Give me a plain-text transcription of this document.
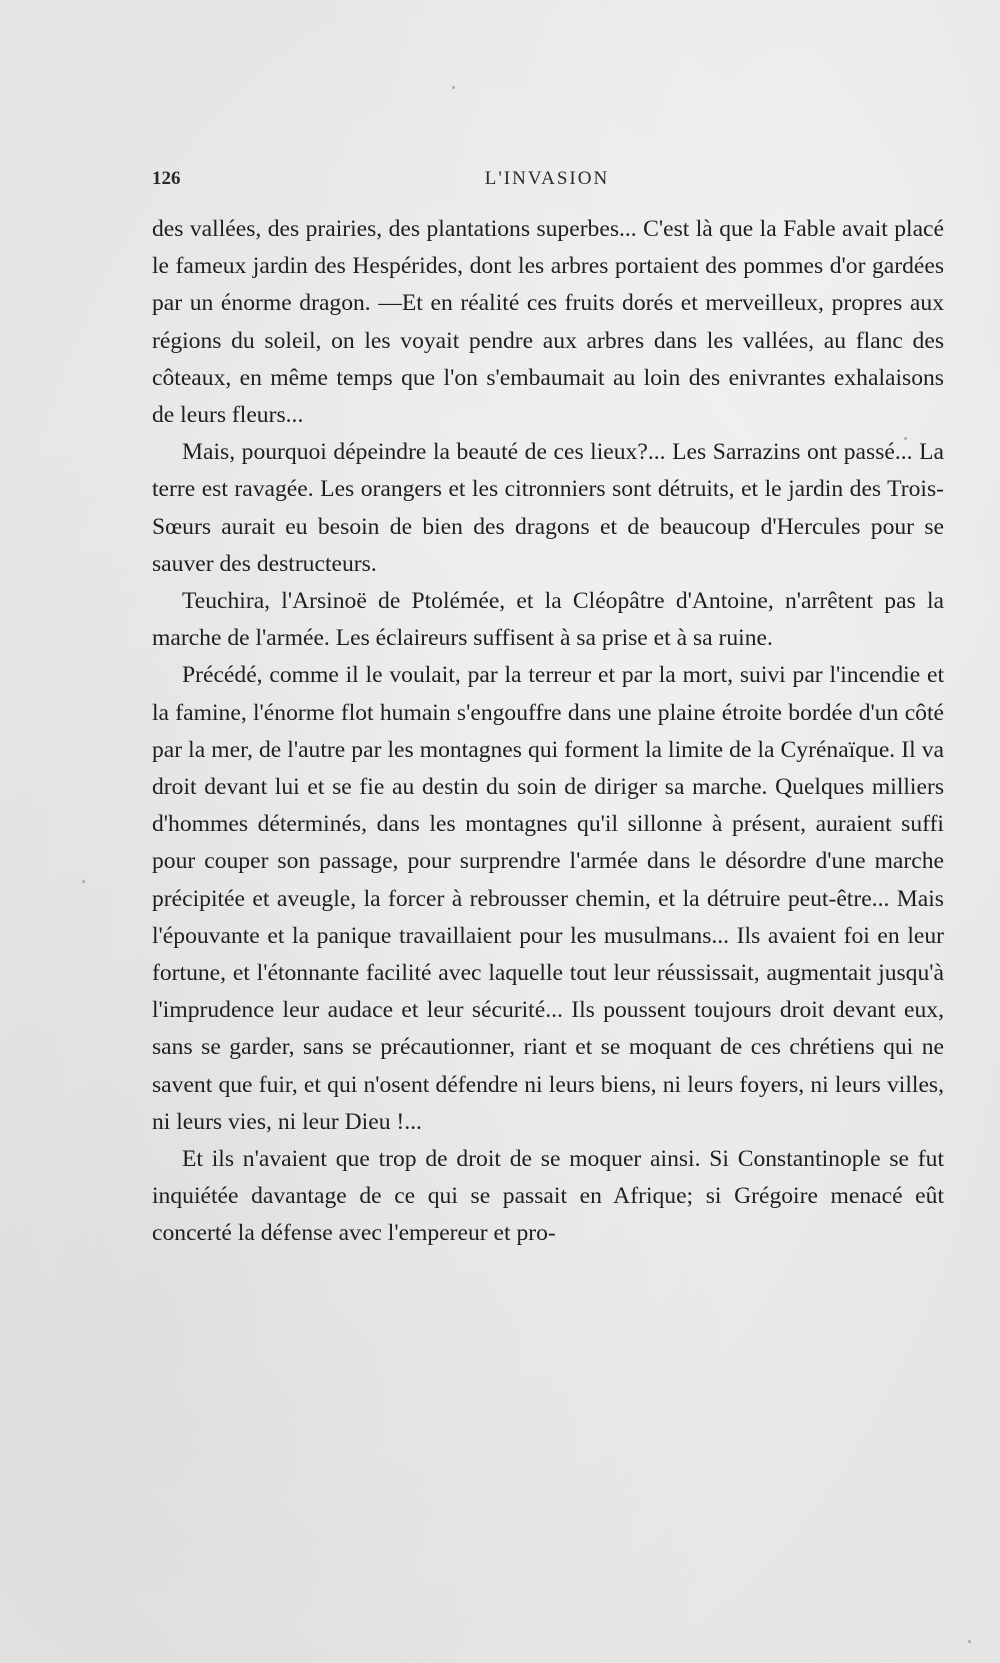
126	L'INVASION

des vallées, des prairies, des plantations superbes... C'est là que la Fable avait placé le fameux jardin des Hespérides, dont les arbres portaient des pommes d'or gardées par un énorme dragon. —Et en réalité ces fruits dorés et merveilleux, propres aux régions du soleil, on les voyait pendre aux arbres dans les vallées, au flanc des côteaux, en même temps que l'on s'embaumait au loin des enivrantes exhalaisons de leurs fleurs...

Mais, pourquoi dépeindre la beauté de ces lieux?... Les Sarrazins ont passé... La terre est ravagée. Les orangers et les citronniers sont détruits, et le jardin des Trois-Sœurs aurait eu besoin de bien des dragons et de beaucoup d'Hercules pour se sauver des destructeurs.

Teuchira, l'Arsinoë de Ptolémée, et la Cléopâtre d'Antoine, n'arrêtent pas la marche de l'armée. Les éclaireurs suffisent à sa prise et à sa ruine.

Précédé, comme il le voulait, par la terreur et par la mort, suivi par l'incendie et la famine, l'énorme flot humain s'engouffre dans une plaine étroite bordée d'un côté par la mer, de l'autre par les montagnes qui forment la limite de la Cyrénaïque. Il va droit devant lui et se fie au destin du soin de diriger sa marche. Quelques milliers d'hommes déterminés, dans les montagnes qu'il sillonne à présent, auraient suffi pour couper son passage, pour surprendre l'armée dans le désordre d'une marche précipitée et aveugle, la forcer à rebrousser chemin, et la détruire peut-être... Mais l'épouvante et la panique travaillaient pour les musulmans... Ils avaient foi en leur fortune, et l'étonnante facilité avec laquelle tout leur réussissait, augmentait jusqu'à l'imprudence leur audace et leur sécurité... Ils poussent toujours droit devant eux, sans se garder, sans se précautionner, riant et se moquant de ces chrétiens qui ne savent que fuir, et qui n'osent défendre ni leurs biens, ni leurs foyers, ni leurs villes, ni leurs vies, ni leur Dieu !...

Et ils n'avaient que trop de droit de se moquer ainsi. Si Constantinople se fut inquiétée davantage de ce qui se passait en Afrique; si Grégoire menacé eût concerté la défense avec l'empereur et pro-
